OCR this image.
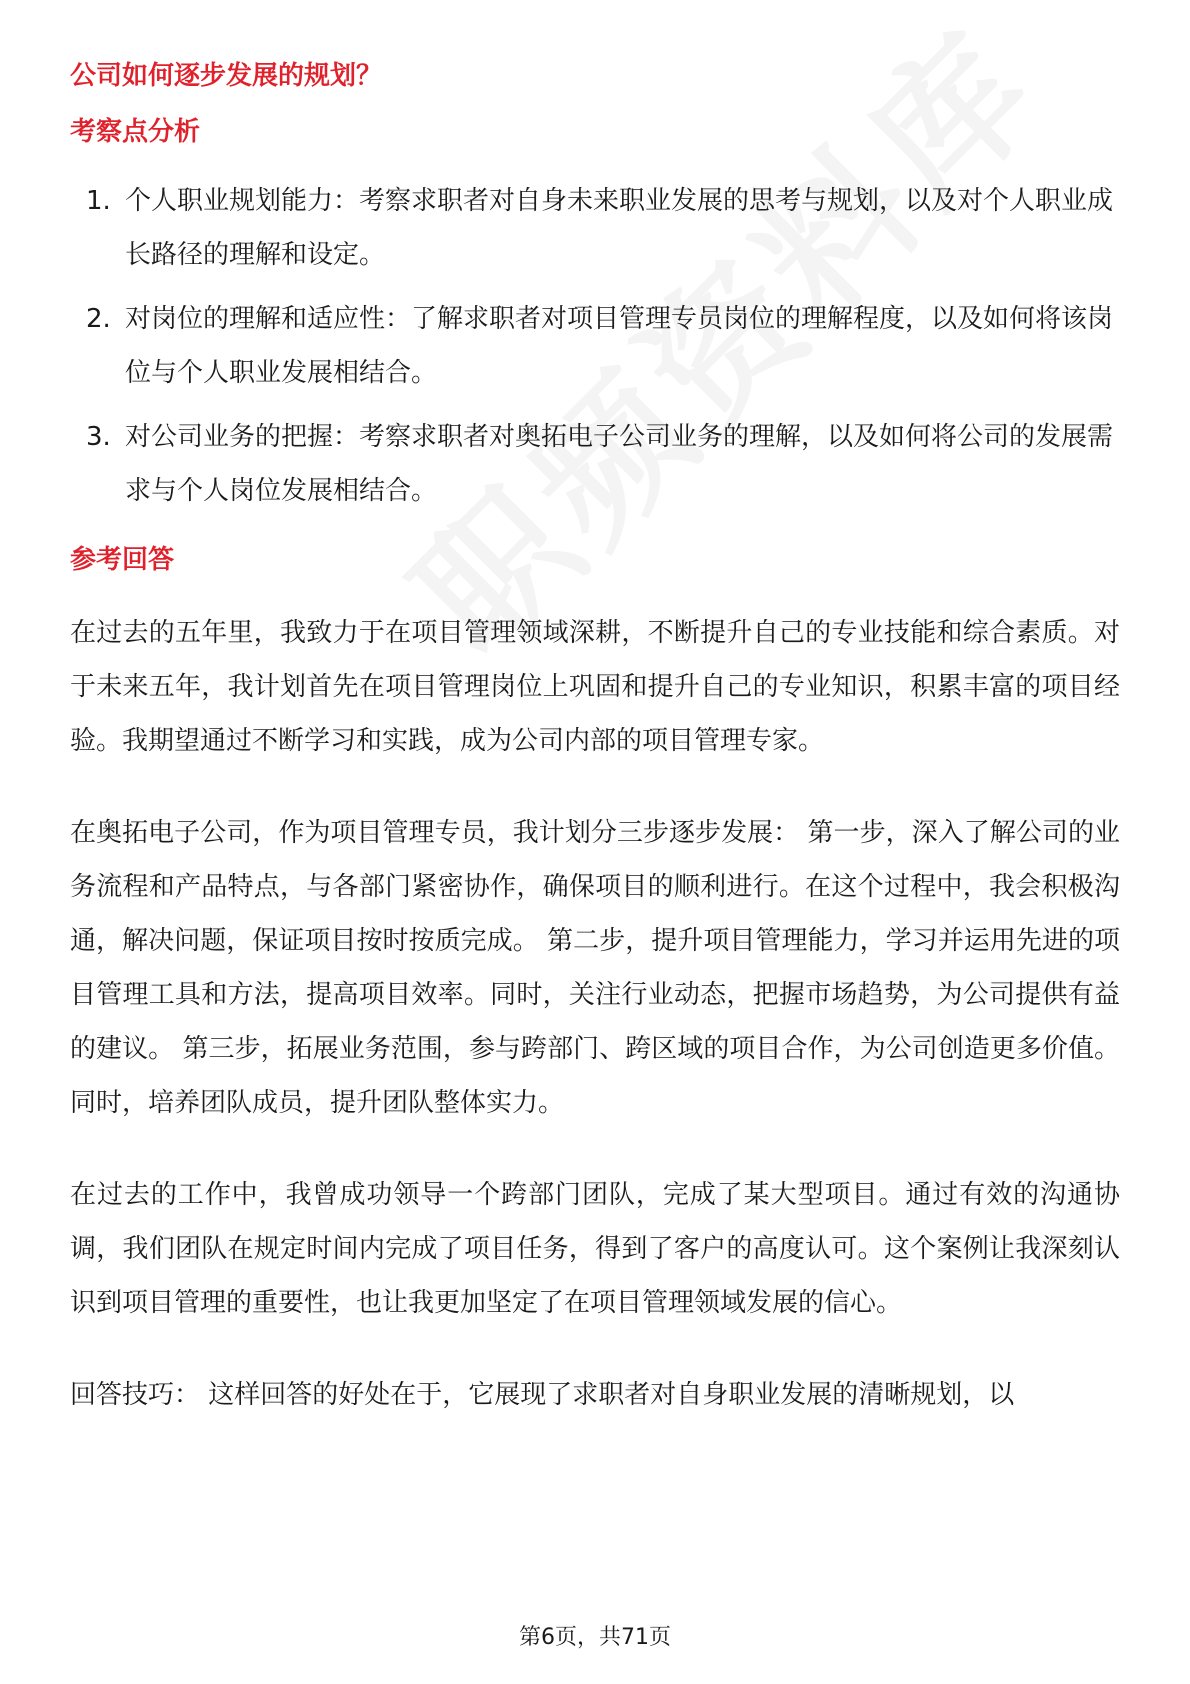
公司如何逐步发展的规划？
考察点分析
1. 个人职业规划能力：考察求职者对自身未来职业发展的思考与规划，以及对个人职业成长路径的理解和设定。
2. 对岗位的理解和适应性：了解求职者对项目管理专员岗位的理解程度，以及如何将该岗位与个人职业发展相结合。
3. 对公司业务的把握：考察求职者对奥拓电子公司业务的理解，以及如何将公司的发展需求与个人岗位发展相结合。
参考回答

在过去的五年里，我致力于在项目管理领域深耕，不断提升自己的专业技能和综合素质。对于未来五年，我计划首先在项目管理岗位上巩固和提升自己的专业知识，积累丰富的项目经验。我期望通过不断学习和实践，成为公司内部的项目管理专家。

在奥拓电子公司，作为项目管理专员，我计划分三步逐步发展： 第一步，深入了解公司的业务流程和产品特点，与各部门紧密协作，确保项目的顺利进行。在这个过程中，我会积极沟通，解决问题，保证项目按时按质完成。 第二步，提升项目管理能力，学习并运用先进的项目管理工具和方法，提高项目效率。同时，关注行业动态，把握市场趋势，为公司提供有益的建议。 第三步，拓展业务范围，参与跨部门、跨区域的项目合作，为公司创造更多价值。同时，培养团队成员，提升团队整体实力。

在过去的工作中，我曾成功领导一个跨部门团队，完成了某大型项目。通过有效的沟通协调，我们团队在规定时间内完成了项目任务，得到了客户的高度认可。这个案例让我深刻认识到项目管理的重要性，也让我更加坚定了在项目管理领域发展的信心。

回答技巧： 这样回答的好处在于，它展现了求职者对自身职业发展的清晰规划，以

第6页，共71页
